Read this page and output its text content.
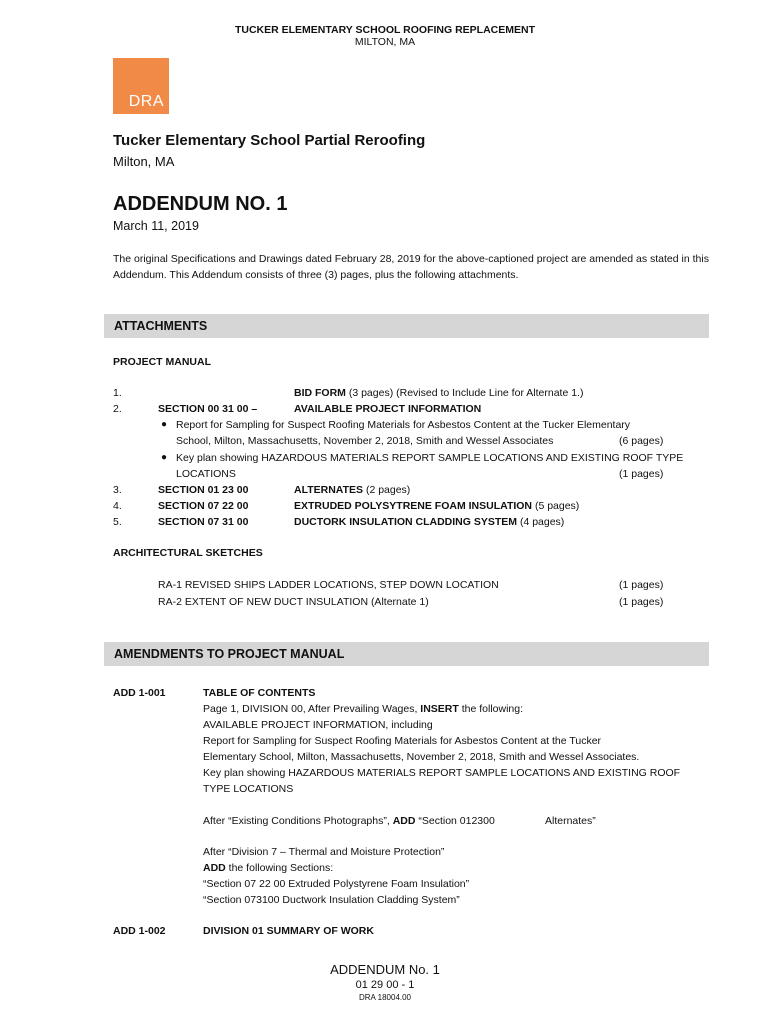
TUCKER ELEMENTARY SCHOOL ROOFING REPLACEMENT
MILTON, MA
DRA
Tucker Elementary School Partial Reroofing
Milton, MA
ADDENDUM NO. 1
March 11, 2019
The original Specifications and Drawings dated February 28, 2019 for the above-captioned project are amended as stated in this Addendum. This Addendum consists of three (3) pages, plus the following attachments.
ATTACHMENTS
PROJECT MANUAL
1.	BID FORM (3 pages) (Revised to Include Line for Alternate 1.)
2.	SECTION 00 31 00 –	AVAILABLE PROJECT INFORMATION
● Report for Sampling for Suspect Roofing Materials for Asbestos Content at the Tucker Elementary
School, Milton, Massachusetts, November 2, 2018, Smith and Wessel Associates	(6 pages)
● Key plan showing HAZARDOUS MATERIALS REPORT SAMPLE LOCATIONS AND EXISTING ROOF TYPE
LOCATIONS	(1 pages)
3.	SECTION 01 23 00	ALTERNATES (2 pages)
4.	SECTION 07 22 00	EXTRUDED POLYSYTRENE FOAM INSULATION (5 pages)
5.	SECTION 07 31 00	DUCTORK INSULATION CLADDING SYSTEM (4 pages)
ARCHITECTURAL SKETCHES
RA-1 REVISED SHIPS LADDER LOCATIONS, STEP DOWN LOCATION	(1 pages)
RA-2 EXTENT OF NEW DUCT INSULATION (Alternate 1)	(1 pages)
AMENDMENTS TO PROJECT MANUAL
ADD 1-001	TABLE OF CONTENTS
Page 1, DIVISION 00, After Prevailing Wages, INSERT the following:
AVAILABLE PROJECT INFORMATION, including
Report for Sampling for Suspect Roofing Materials for Asbestos Content at the Tucker
Elementary School, Milton, Massachusetts, November 2, 2018, Smith and Wessel Associates.
Key plan showing HAZARDOUS MATERIALS REPORT SAMPLE LOCATIONS AND EXISTING ROOF
TYPE LOCATIONS
After “Existing Conditions Photographs”, ADD “Section 012300	Alternates”
After “Division 7 – Thermal and Moisture Protection”
ADD the following Sections:
“Section 07 22 00 Extruded Polystyrene Foam Insulation”
“Section 073100 Ductwork Insulation Cladding System”
ADD 1-002	DIVISION 01 SUMMARY OF WORK
ADDENDUM No. 1
01 29 00 - 1
DRA 18004.00
